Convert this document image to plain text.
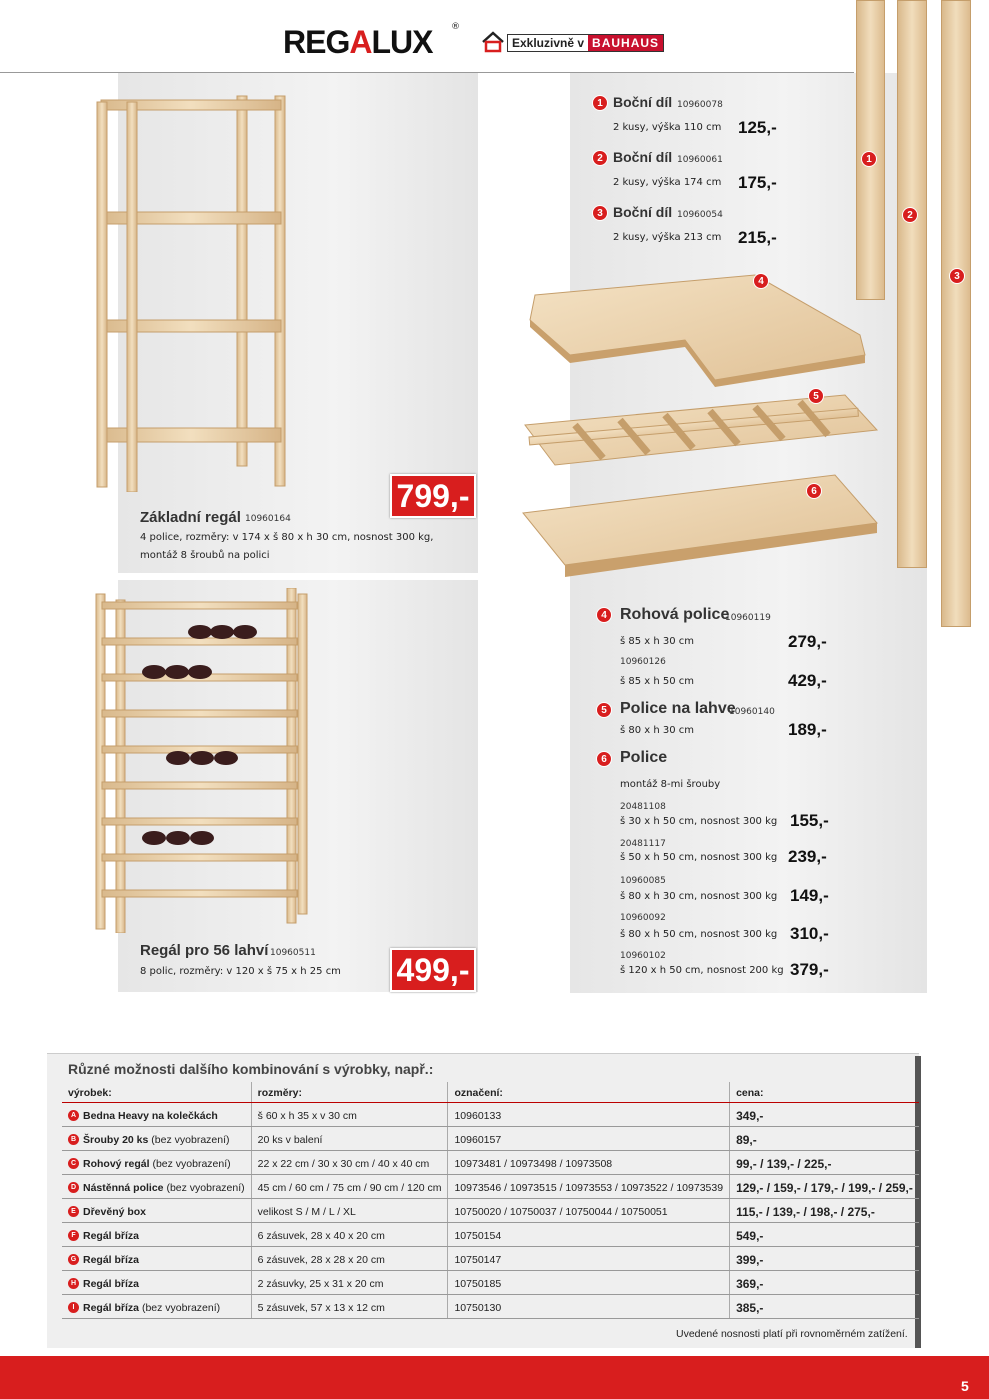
REGALUX ®
Exkluzivně v BAUHAUS
799,-
Základní regál 10960164
4 police, rozměry: v 174 x š 80 x h 30 cm, nosnost 300 kg,
montáž 8 šroubů na polici
Regál pro 56 lahví 10960511
8 polic, rozměry: v 120 x š 75 x h 25 cm 499,-
1 Boční díl 10960078
2 kusy, výška 110 cm 125,-
2 Boční díl 10960061
2 kusy, výška 174 cm 175,-
3 Boční díl 10960054
2 kusy, výška 213 cm 215,-
1
2
3
4
5
6
4 Rohová police
10960119
š 85 x h 30 cm	279,-
10960126
š 85 x h 50 cm	429,-
5 Police na lahve
10960140
š 80 x h 30 cm	189,-
6 Police
montáž 8-mi šrouby
20481108
š 30 x h 50 cm, nosnost 300 kg 155,-
20481117
š 50 x h 50 cm, nosnost 300 kg 239,-
10960085
š 80 x h 30 cm, nosnost 300 kg 149,-
10960092
š 80 x h 50 cm, nosnost 300 kg 310,-
10960102
š 120 x h 50 cm, nosnost 200 kg 379,-
Různé možnosti dalšího kombinování s výrobky, např.:
výrobek:	rozměry:	označení:	cena:
A Bedna Heavy na kolečkách	š 60 x h 35 x v 30 cm	10960133	349,-
B Šrouby 20 ks (bez vyobrazení)	20 ks v balení	10960157	89,-
C Rohový regál (bez vyobrazení)	22 x 22 cm / 30 x 30 cm / 40 x 40 cm	10973481 / 10973498 / 10973508	99,- / 139,- / 225,-
D Nástěnná police (bez vyobrazení)	45 cm / 60 cm / 75 cm / 90 cm / 120 cm	10973546 / 10973515 / 10973553 / 10973522 / 10973539	129,- / 159,- / 179,- / 199,- / 259,-
E Dřevěný box	velikost S / M / L / XL	10750020 / 10750037 / 10750044 / 10750051	115,- / 139,- / 198,- / 275,-
F Regál bříza	6 zásuvek, 28 x 40 x 20 cm	10750154	549,-
G Regál bříza	6 zásuvek, 28 x 28 x 20 cm	10750147	399,-
H Regál bříza	2 zásuvky, 25 x 31 x 20 cm	10750185	369,-
I Regál bříza (bez vyobrazení)	5 zásuvek, 57 x 13 x 12 cm	10750130	385,-
Uvedené nosnosti platí při rovnoměrném zatížení.
5
